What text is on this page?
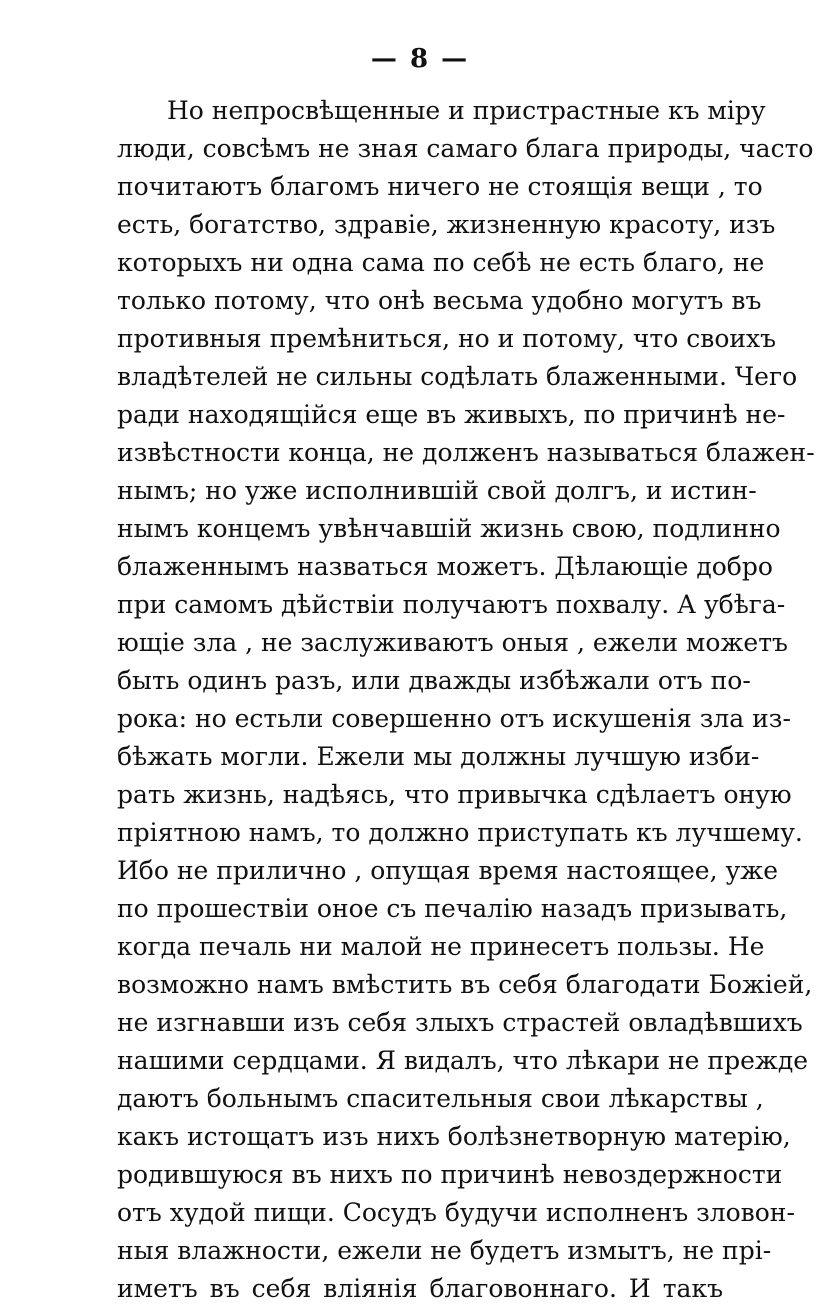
— 8 —
Но непросвѣщенные и пристрастные къ міру
люди, совсѣмъ не зная самаго блага природы, часто
почитаютъ благомъ ничего не стоящія вещи , то
есть, богатство, здравіе, жизненную красоту, изъ
которыхъ ни одна сама по себѣ не есть благо, не
только потому, что онѣ весьма удобно могутъ въ
противныя премѣниться, но и потому, что своихъ
владѣтелей не сильны содѣлать блаженными. Чего
ради находящійся еще въ живыхъ, по причинѣ не-
извѣстности конца, не долженъ называться блажен-
нымъ; но уже исполнившій свой долгъ, и истин-
нымъ концемъ увѣнчавшій жизнь свою, подлинно
блаженнымъ назваться можетъ. Дѣлающіе добро
при самомъ дѣйствіи получаютъ похвалу. А убѣга-
ющіе зла , не заслуживаютъ оныя , ежели можетъ
быть одинъ разъ, или дважды избѣжали отъ по-
рока: но естьли совершенно отъ искушенія зла из-
бѣжать могли. Ежели мы должны лучшую изби-
рать жизнь, надѣясь, что привычка сдѣлаетъ оную
пріятною намъ, то должно приступать къ лучшему.
Ибо не прилично , опущая время настоящее, уже
по прошествіи оное съ печалію назадъ призывать,
когда печаль ни малой не принесетъ пользы. Не
возможно намъ вмѣстить въ себя благодати Божіей,
не изгнавши изъ себя злыхъ страстей овладѣвшихъ
нашими сердцами. Я видалъ, что лѣкари не прежде
даютъ больнымъ спасительныя свои лѣкарствы ,
какъ истощатъ изъ нихъ болѣзнетворную матерію,
родившуюся въ нихъ по причинѣ невоздержности
отъ худой пищи. Сосудъ будучи исполненъ зловон-
ныя влажности, ежели не будетъ измытъ, не прі-
иметъ въ себя вліянія благовоннаго. И такъ
